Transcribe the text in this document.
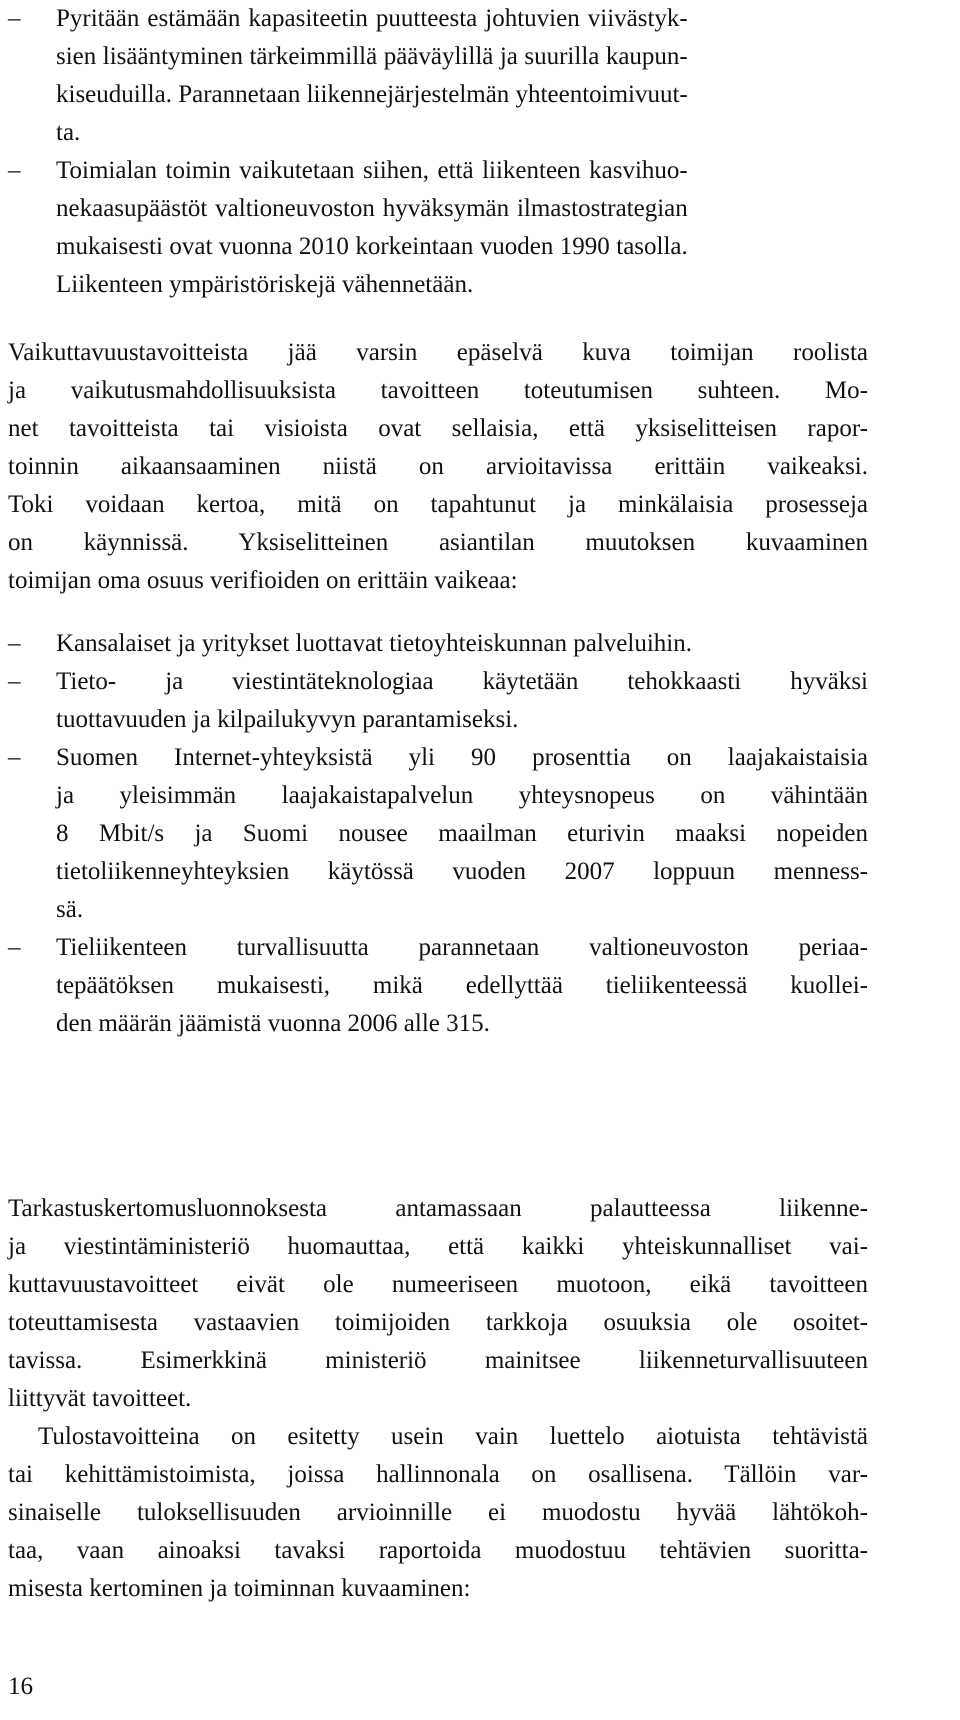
– Pyritään estämään kapasiteetin puutteesta johtuvien viivästyk-
sien lisääntyminen tärkeimmillä pääväylillä ja suurilla kaupun-
kiseuduilla. Parannetaan liikennejärjestelmän yhteentoimivuut-
ta.
– Toimialan toimin vaikutetaan siihen, että liikenteen kasvihuo-
nekaasupäästöt valtioneuvoston hyväksymän ilmastostrategian
mukaisesti ovat vuonna 2010 korkeintaan vuoden 1990 tasolla.
Liikenteen ympäristöriskejä vähennetään.
Vaikuttavuustavoitteista jää varsin epäselvä kuva toimijan roolista
ja vaikutusmahdollisuuksista tavoitteen toteutumisen suhteen. Mo-
net tavoitteista tai visioista ovat sellaisia, että yksiselitteisen rapor-
toinnin aikaansaaminen niistä on arvioitavissa erittäin vaikeaksi.
Toki voidaan kertoa, mitä on tapahtunut ja minkälaisia prosesseja
on käynnissä. Yksiselitteinen asiantilan muutoksen kuvaaminen
toimijan oma osuus verifioiden on erittäin vaikeaa:
– Kansalaiset ja yritykset luottavat tietoyhteiskunnan palveluihin.
– Tieto- ja viestintäteknologiaa käytetään tehokkaasti hyväksi
tuottavuuden ja kilpailukyvyn parantamiseksi.
– Suomen Internet-yhteyksistä yli 90 prosenttia on laajakaistaisia
ja yleisimmän laajakaistapalvelun yhteysnopeus on vähintään
8 Mbit/s ja Suomi nousee maailman eturivin maaksi nopeiden
tietoliikenneyhteyksien käytössä vuoden 2007 loppuun menness-
sä.
– Tieliikenteen turvallisuutta parannetaan valtioneuvoston periaa-
tepäätöksen mukaisesti, mikä edellyttää tieliikenteessä kuollei-
den määrän jäämistä vuonna 2006 alle 315.
Tarkastuskertomusluonnoksesta antamassaan palautteessa liikenne-
ja viestintäministeriö huomauttaa, että kaikki yhteiskunnalliset vai-
kuttavuustavoitteet eivät ole numeeriseen muotoon, eikä tavoitteen
toteuttamisesta vastaavien toimijoiden tarkkoja osuuksia ole osoitet-
tavissa. Esimerkkinä ministeriö mainitsee liikenneturvallisuuteen
liittyvät tavoitteet.
Tulostavoitteina on esitetty usein vain luettelo aiotuista tehtävistä
tai kehittämistoimista, joissa hallinnonala on osallisena. Tällöin var-
sinaiselle tuloksellisuuden arvioinnille ei muodostu hyvää lähtökoh-
taa, vaan ainoaksi tavaksi raportoida muodostuu tehtävien suoritta-
misesta kertominen ja toiminnan kuvaaminen:
16
